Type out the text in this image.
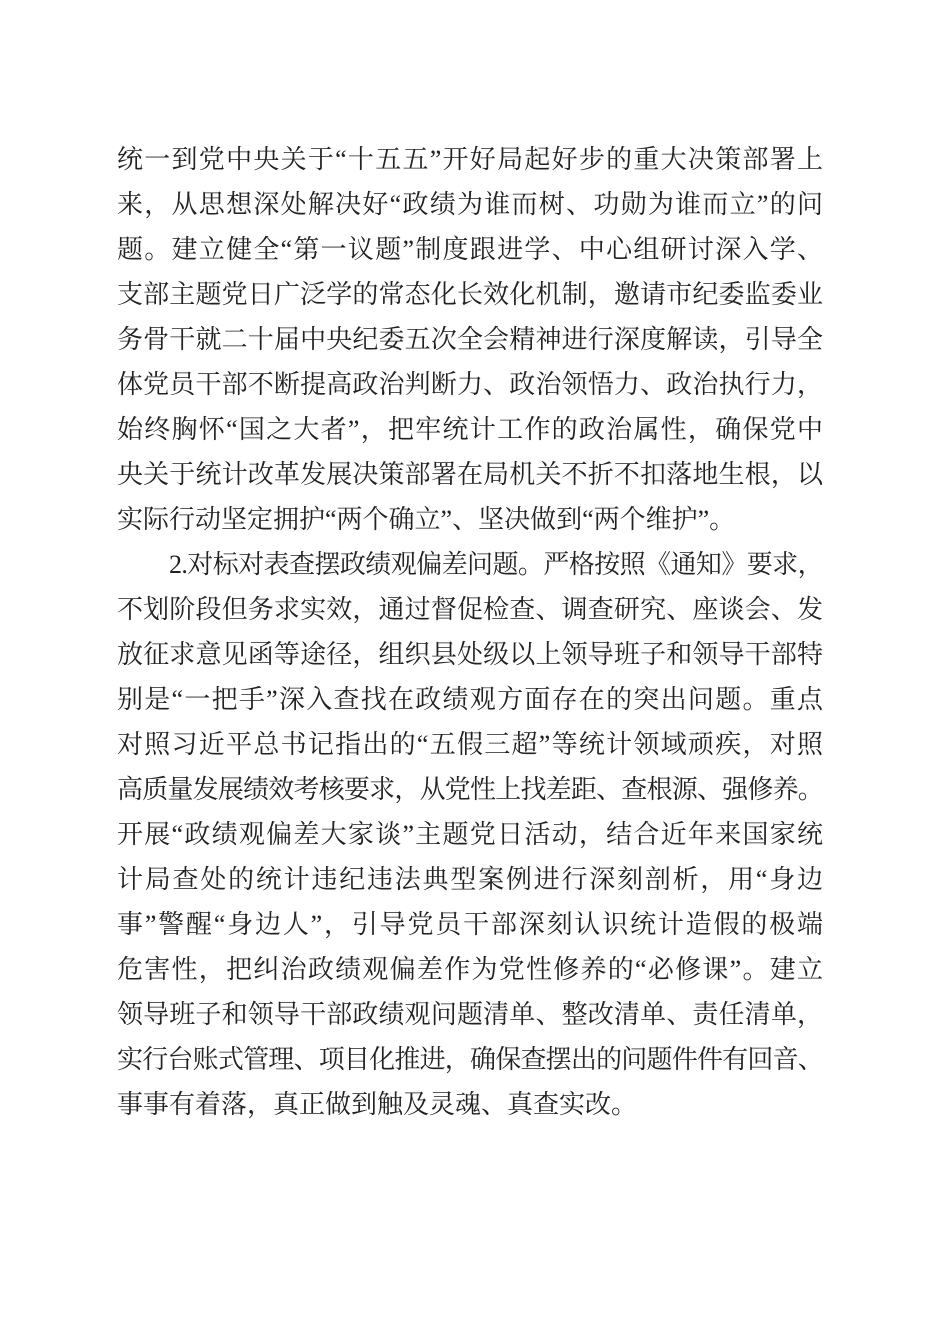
统一到党中央关于“十五五”开好局起好步的重大决策部署上
来，从思想深处解决好“政绩为谁而树、功勋为谁而立”的问
题。建立健全“第一议题”制度跟进学、中心组研讨深入学、
支部主题党日广泛学的常态化长效化机制，邀请市纪委监委业
务骨干就二十届中央纪委五次全会精神进行深度解读，引导全
体党员干部不断提高政治判断力、政治领悟力、政治执行力，
始终胸怀“国之大者”，把牢统计工作的政治属性，确保党中
央关于统计改革发展决策部署在局机关不折不扣落地生根，以
实际行动坚定拥护“两个确立”、坚决做到“两个维护”。
2.对标对表查摆政绩观偏差问题。严格按照《通知》要求，
不划阶段但务求实效，通过督促检查、调查研究、座谈会、发
放征求意见函等途径，组织县处级以上领导班子和领导干部特
别是“一把手”深入查找在政绩观方面存在的突出问题。重点
对照习近平总书记指出的“五假三超”等统计领域顽疾，对照
高质量发展绩效考核要求，从党性上找差距、查根源、强修养。
开展“政绩观偏差大家谈”主题党日活动，结合近年来国家统
计局查处的统计违纪违法典型案例进行深刻剖析，用“身边
事”警醒“身边人”，引导党员干部深刻认识统计造假的极端
危害性，把纠治政绩观偏差作为党性修养的“必修课”。建立
领导班子和领导干部政绩观问题清单、整改清单、责任清单，
实行台账式管理、项目化推进，确保查摆出的问题件件有回音、
事事有着落，真正做到触及灵魂、真查实改。
